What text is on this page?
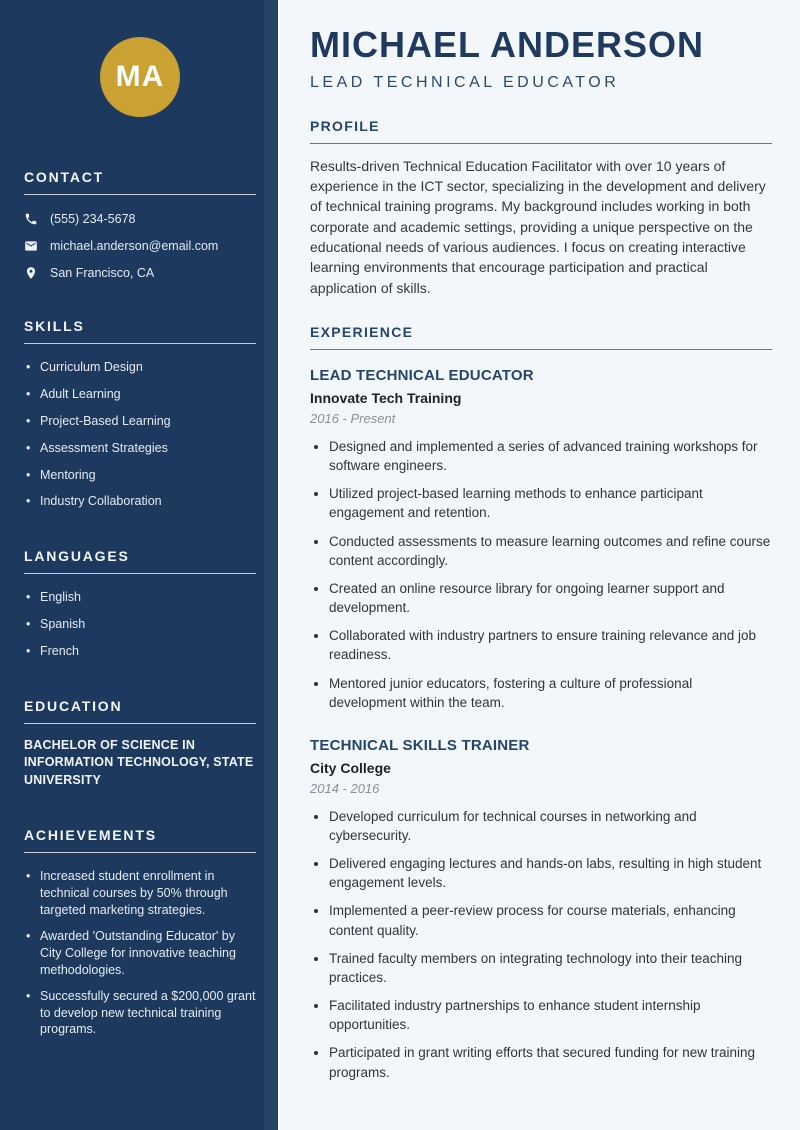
MA
CONTACT
(555) 234-5678
michael.anderson@email.com
San Francisco, CA
SKILLS
• Curriculum Design
• Adult Learning
• Project-Based Learning
• Assessment Strategies
• Mentoring
• Industry Collaboration
LANGUAGES
• English
• Spanish
• French
EDUCATION
BACHELOR OF SCIENCE IN INFORMATION TECHNOLOGY, STATE UNIVERSITY
ACHIEVEMENTS
• Increased student enrollment in technical courses by 50% through targeted marketing strategies.
• Awarded 'Outstanding Educator' by City College for innovative teaching methodologies.
• Successfully secured a $200,000 grant to develop new technical training programs.
MICHAEL ANDERSON
LEAD TECHNICAL EDUCATOR
PROFILE

Results-driven Technical Education Facilitator with over 10 years of experience in the ICT sector, specializing in the development and delivery of technical training programs. My background includes working in both corporate and academic settings, providing a unique perspective on the educational needs of various audiences. I focus on creating interactive learning environments that encourage participation and practical application of skills.

EXPERIENCE
LEAD TECHNICAL EDUCATOR
Innovate Tech Training
2016 - Present
• Designed and implemented a series of advanced training workshops for software engineers.
• Utilized project-based learning methods to enhance participant engagement and retention.
• Conducted assessments to measure learning outcomes and refine course content accordingly.
• Created an online resource library for ongoing learner support and development.
• Collaborated with industry partners to ensure training relevance and job readiness.
• Mentored junior educators, fostering a culture of professional development within the team.
TECHNICAL SKILLS TRAINER
City College
2014 - 2016
• Developed curriculum for technical courses in networking and cybersecurity.
• Delivered engaging lectures and hands-on labs, resulting in high student engagement levels.
• Implemented a peer-review process for course materials, enhancing content quality.
• Trained faculty members on integrating technology into their teaching practices.
• Facilitated industry partnerships to enhance student internship opportunities.
• Participated in grant writing efforts that secured funding for new training programs.
